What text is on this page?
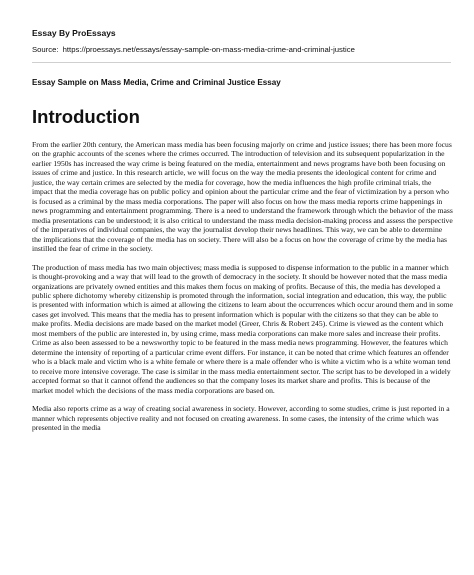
Essay By ProEssays
Source: https://proessays.net/essays/essay-sample-on-mass-media-crime-and-criminal-justice
Essay Sample on Mass Media, Crime and Criminal Justice Essay
Introduction

From the earlier 20th century, the American mass media has been focusing majorly on crime and justice issues; there has been more focus on the graphic accounts of the scenes where the crimes occurred. The introduction of television and its subsequent popularization in the earlier 1950s has increased the way crime is being featured on the media, entertainment and news programs have both been focusing on issues of crime and justice. In this research article, we will focus on the way the media presents the ideological content for crime and justice, the way certain crimes are selected by the media for coverage, how the media influences the high profile criminal trials, the impact that the media coverage has on public policy and opinion about the particular crime and the fear of victimization by a person who is focused as a criminal by the mass media corporations. The paper will also focus on how the mass media reports crime happenings in news programming and entertainment programming. There is a need to understand the framework through which the behavior of the mass media presentations can be understood; it is also critical to understand the mass media decision-making process and assess the perspective of the imperatives of individual companies, the way the journalist develop their news headlines. This way, we can be able to determine the implications that the coverage of the media has on society. There will also be a focus on how the coverage of crime by the media has instilled the fear of crime in the society.

The production of mass media has two main objectives; mass media is supposed to dispense information to the public in a manner which is thought-provoking and a way that will lead to the growth of democracy in the society. It should be however noted that the mass media organizations are privately owned entities and this makes them focus on making of profits. Because of this, the media has developed a public sphere dichotomy whereby citizenship is promoted through the information, social integration and education, this way, the public is presented with information which is aimed at allowing the citizens to learn about the occurrences which occur around them and in some cases get involved. This means that the media has to present information which is popular with the citizens so that they can be able to make profits. Media decisions are made based on the market model (Greer, Chris & Robert 245). Crime is viewed as the content which most members of the public are interested in, by using crime, mass media corporations can make more sales and increase their profits. Crime as also been assessed to be a newsworthy topic to be featured in the mass media news programming. However, the features which determine the intensity of reporting of a particular crime event differs. For instance, it can be noted that crime which features an offender who is a black male and victim who is a white female or where there is a male offender who is white a victim who is a white woman tend to receive more intensive coverage. The case is similar in the mass media entertainment sector. The script has to be developed in a widely accepted format so that it cannot offend the audiences so that the company loses its market share and profits. This is because of the market model which the decisions of the mass media corporations are based on.

Media also reports crime as a way of creating social awareness in society. However, according to some studies, crime is just reported in a manner which represents objective reality and not focused on creating awareness. In some cases, the intensity of the crime which was presented in the media
